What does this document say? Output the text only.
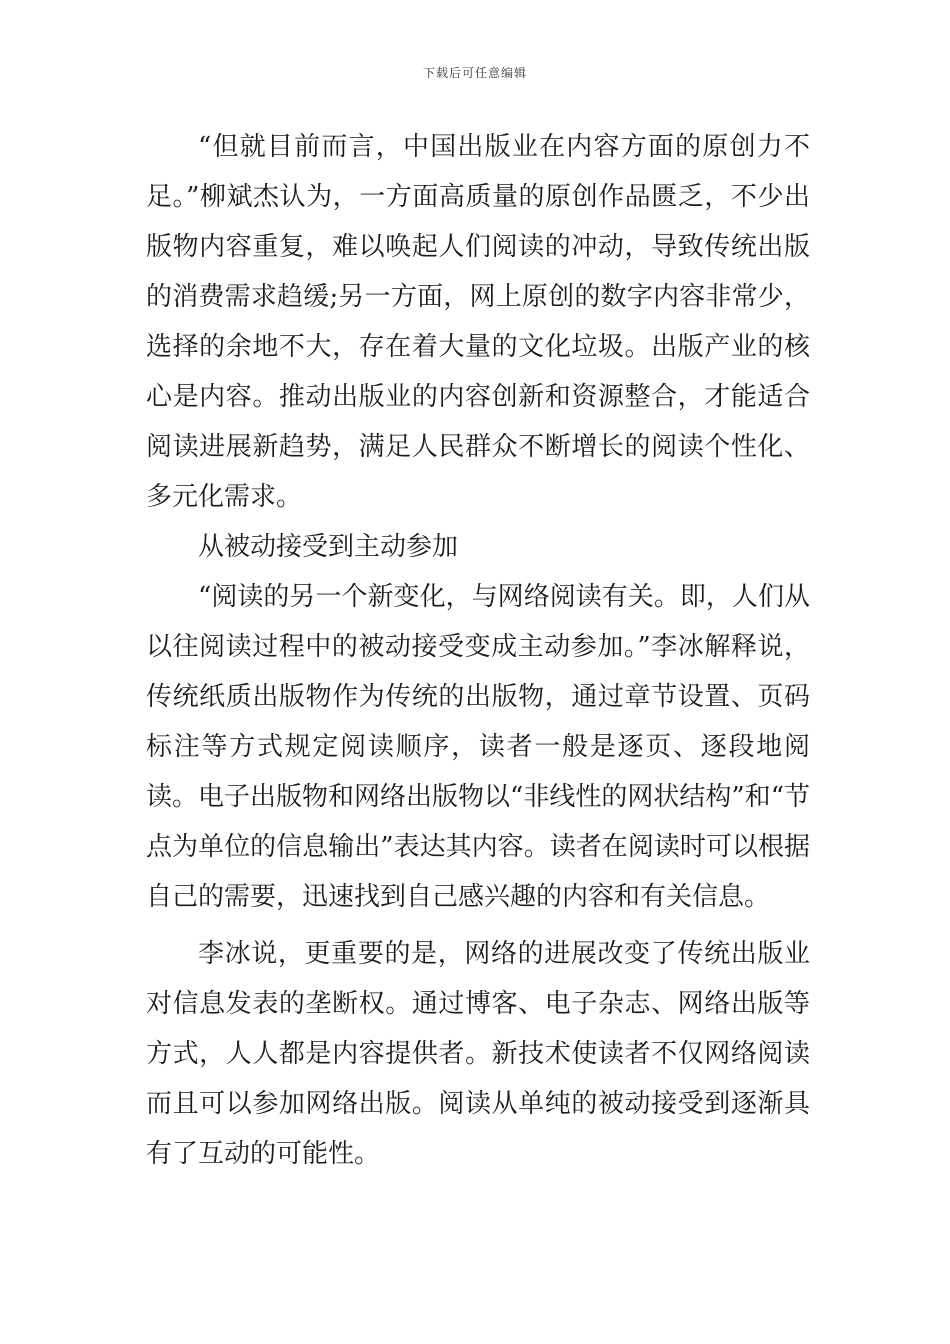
下载后可任意编辑

“但就目前而言，中国出版业在内容方面的原创力不足。”柳斌杰认为，一方面高质量的原创作品匮乏，不少出版物内容重复，难以唤起人们阅读的冲动，导致传统出版的消费需求趋缓;另一方面，网上原创的数字内容非常少，选择的余地不大，存在着大量的文化垃圾。出版产业的核心是内容。推动出版业的内容创新和资源整合，才能适合阅读进展新趋势，满足人民群众不断增长的阅读个性化、多元化需求。

从被动接受到主动参加

“阅读的另一个新变化，与网络阅读有关。即，人们从以往阅读过程中的被动接受变成主动参加。”李冰解释说，传统纸质出版物作为传统的出版物，通过章节设置、页码标注等方式规定阅读顺序，读者一般是逐页、逐段地阅读。电子出版物和网络出版物以“非线性的网状结构”和“节点为单位的信息输出”表达其内容。读者在阅读时可以根据自己的需要，迅速找到自己感兴趣的内容和有关信息。

李冰说，更重要的是，网络的进展改变了传统出版业对信息发表的垄断权。通过博客、电子杂志、网络出版等方式，人人都是内容提供者。新技术使读者不仅网络阅读而且可以参加网络出版。阅读从单纯的被动接受到逐渐具有了互动的可能性。
